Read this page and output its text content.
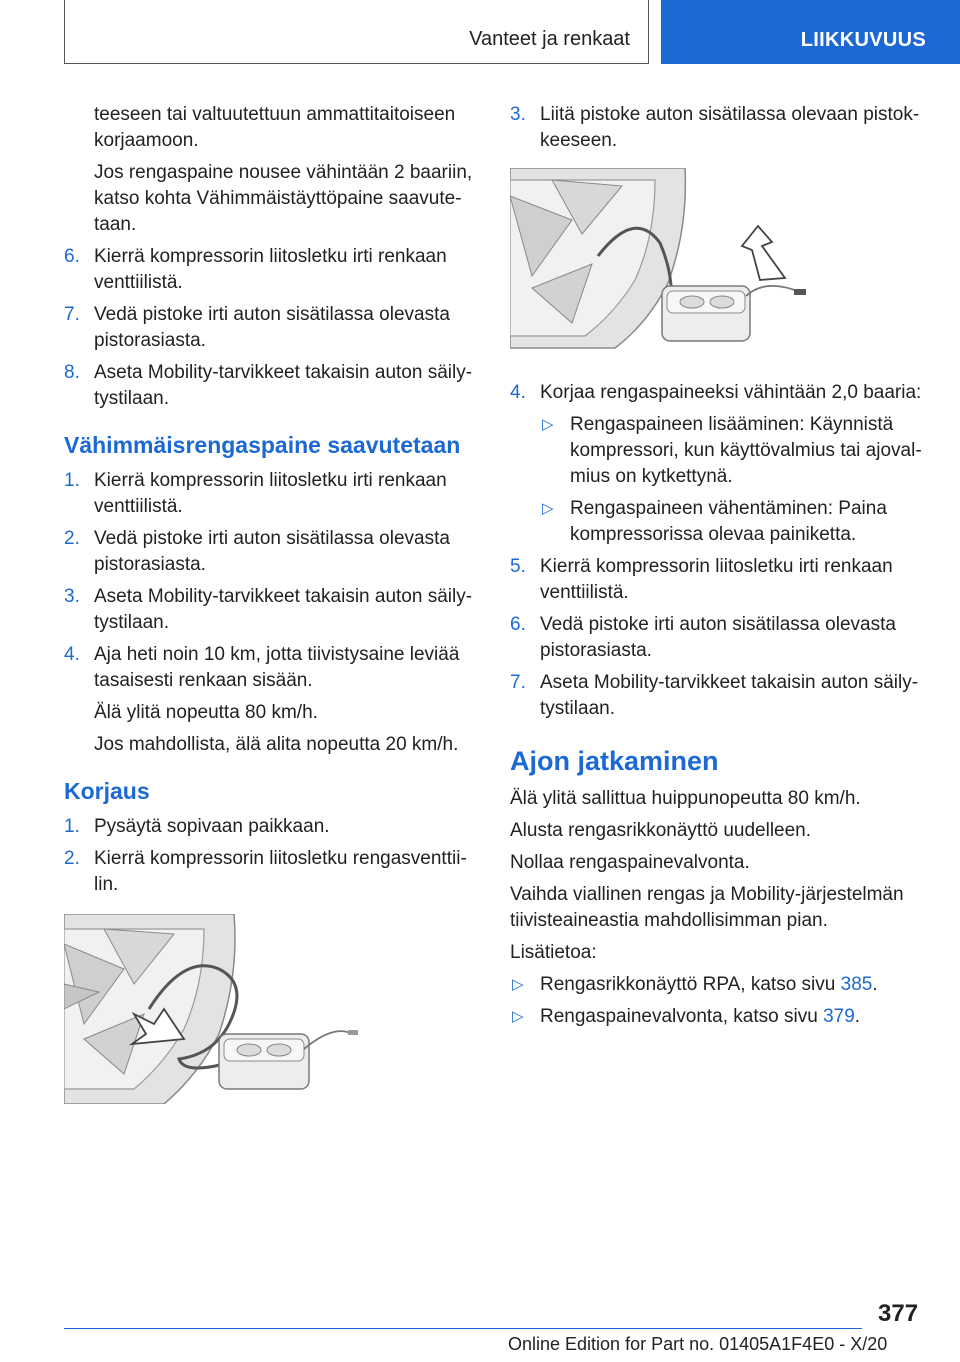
Vanteet ja renkaat	LIIKKUVUUS

teeseen tai valtuutettuun ammattitaitoiseen korjaamoon.

Jos rengaspaine nousee vähintään 2 baariin, katso kohta Vähimmäistäyttöpaine saavutetaan.

6. Kierrä kompressorin liitosletku irti renkaan venttiilistä.
7. Vedä pistoke irti auton sisätilassa olevasta pistorasiasta.
8. Aseta Mobility-tarvikkeet takaisin auton säilytystilaan.
Vähimmäisrengaspaine saavutetaan
1. Kierrä kompressorin liitosletku irti renkaan venttiilistä.
2. Vedä pistoke irti auton sisätilassa olevasta pistorasiasta.
3. Aseta Mobility-tarvikkeet takaisin auton säilytystilaan.
4. Aja heti noin 10 km, jotta tiivistysaine leviää tasaisesti renkaan sisään.

Älä ylitä nopeutta 80 km/h.

Jos mahdollista, älä alita nopeutta 20 km/h.

Korjaus
1. Pysäytä sopivaan paikkaan.
2. Kierrä kompressorin liitosletku rengasventtiilin.
3. Liitä pistoke auton sisätilassa olevaan pistokkeeseen.
4. Korjaa rengaspaineeksi vähintään 2,0 baaria:
▷ Rengaspaineen lisääminen: Käynnistä kompressori, kun käyttövalmius tai ajovalmius on kytkettynä.
▷ Rengaspaineen vähentäminen: Paina kompressorissa olevaa painiketta.
5. Kierrä kompressorin liitosletku irti renkaan venttiilistä.
6. Vedä pistoke irti auton sisätilassa olevasta pistorasiasta.
7. Aseta Mobility-tarvikkeet takaisin auton säilytystilaan.
Ajon jatkaminen

Älä ylitä sallittua huippunopeutta 80 km/h.

Alusta rengasrikkonäyttö uudelleen.

Nollaa rengaspainevalvonta.

Vaihda viallinen rengas ja Mobility-järjestelmän tiivisteaineastia mahdollisimman pian.

Lisätietoa:

▷ Rengasrikkonäyttö RPA, katso sivu 385.
▷ Rengaspainevalvonta, katso sivu 379.
377
Online Edition for Part no. 01405A1F4E0 - X/20
